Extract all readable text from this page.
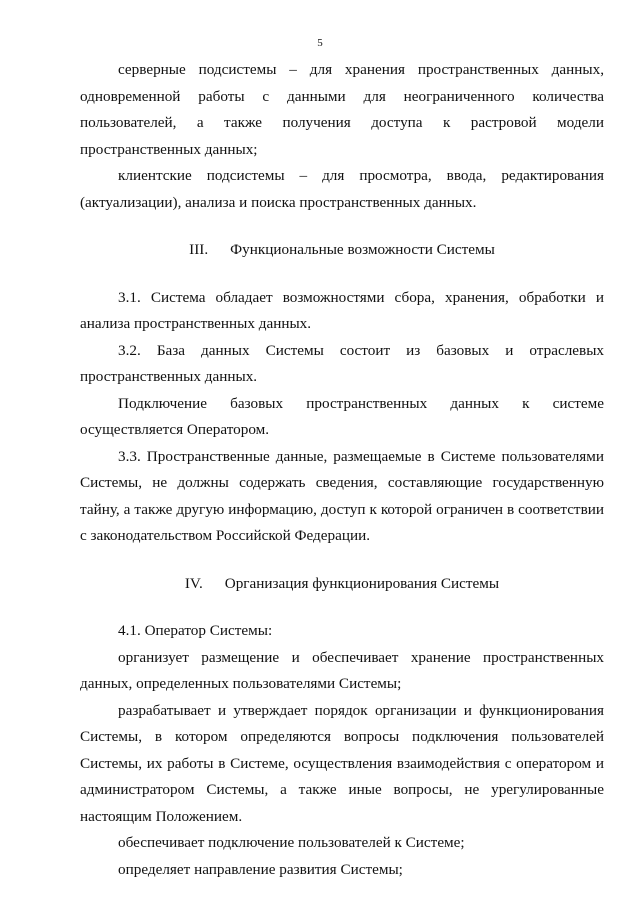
5

серверные подсистемы – для хранения пространственных данных, одновременной работы с данными для неограниченного количества пользователей, а также получения доступа к растровой модели пространственных данных;

клиентские подсистемы – для просмотра, ввода, редактирования (актуализации), анализа и поиска пространственных данных.

III. Функциональные возможности Системы

3.1. Система обладает возможностями сбора, хранения, обработки и анализа пространственных данных.

3.2. База данных Системы состоит из базовых и отраслевых пространственных данных.

Подключение базовых пространственных данных к системе осуществляется Оператором.

3.3. Пространственные данные, размещаемые в Системе пользователями Системы, не должны содержать сведения, составляющие государственную тайну, а также другую информацию, доступ к которой ограничен в соответствии с законодательством Российской Федерации.

IV. Организация функционирования Системы

4.1. Оператор Системы:

организует размещение и обеспечивает хранение пространственных данных, определенных пользователями Системы;

разрабатывает и утверждает порядок организации и функционирования Системы, в котором определяются вопросы подключения пользователей Системы, их работы в Системе, осуществления взаимодействия с оператором и администратором Системы, а также иные вопросы, не урегулированные настоящим Положением.

обеспечивает подключение пользователей к Системе;

определяет направление развития Системы;
